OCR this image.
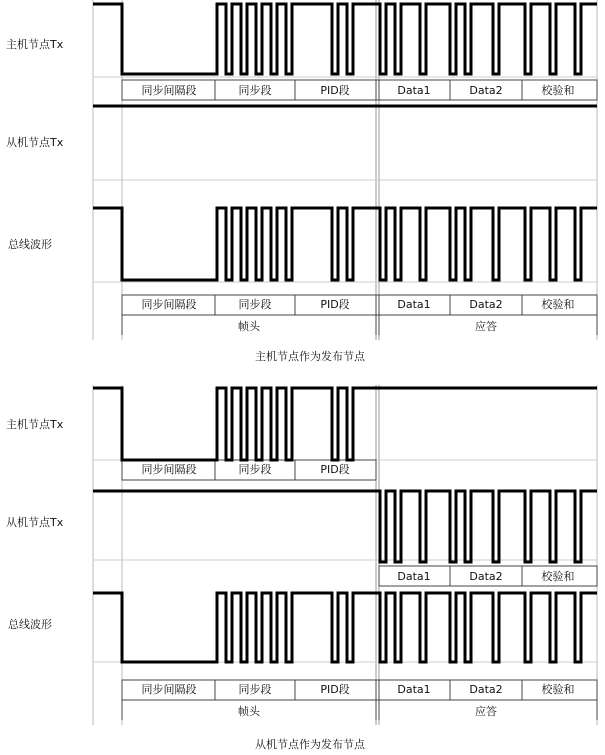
主机节点Tx
从机节点Tx
总线波形
同步间隔段	同步段	PID段	Data1	Data2	校验和
同步间隔段	同步段	PID段	Data1	Data2	校验和
帧头	应答
主机节点作为发布节点
主机节点Tx
从机节点Tx
总线波形
同步间隔段	同步段	PID段
Data1	Data2	校验和
同步间隔段	同步段	PID段	Data1	Data2	校验和
帧头	应答
从机节点作为发布节点
